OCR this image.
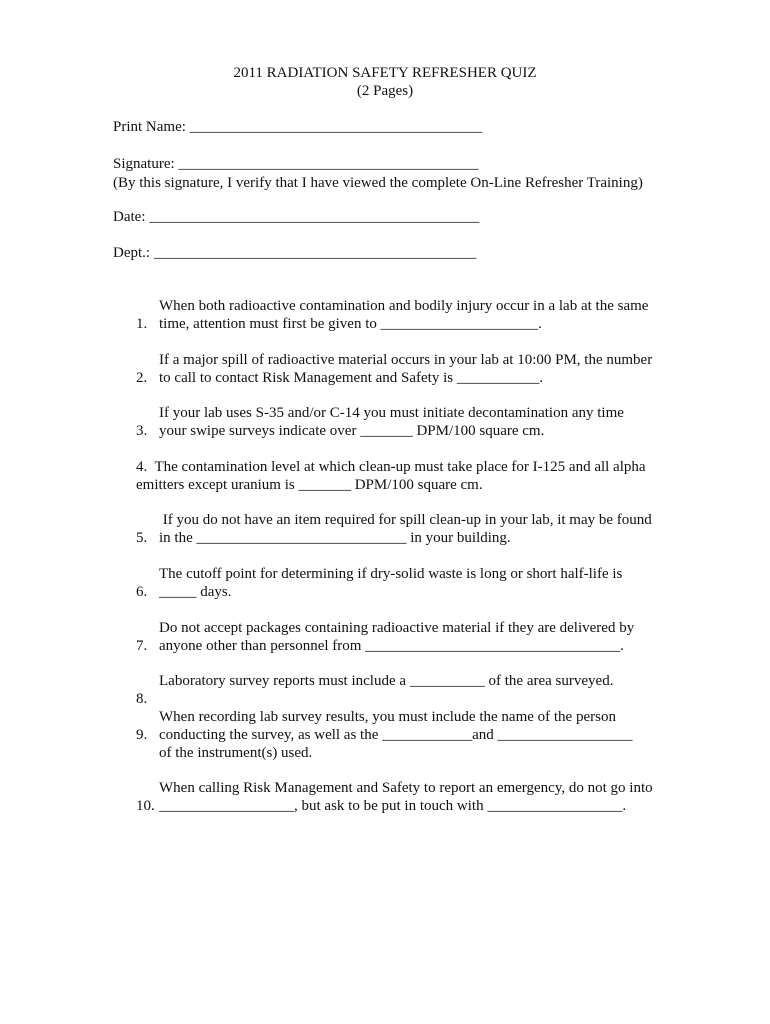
2011 RADIATION SAFETY REFRESHER QUIZ
(2 Pages)
Print Name: _______________________________________
Signature: ________________________________________
(By this signature, I verify that I have viewed the complete On-Line Refresher Training)
Date: ____________________________________________
Dept.: ___________________________________________

1.

When both radioactive contamination and bodily injury occur in a lab at the same

time, attention must first be given to _____________________.

2.

If a major spill of radioactive material occurs in your lab at 10:00 PM, the number

to call to contact Risk Management and Safety is ___________.

3.

If your lab uses S-35 and/or C-14 you must initiate decontamination any time

your swipe surveys indicate over _______ DPM/100 square cm.

4.  The contamination level at which clean-up must take place for I-125 and all alpha

emitters except uranium is _______ DPM/100 square cm.

5.

If you do not have an item required for spill clean-up in your lab, it may be found

in the ____________________________ in your building.

6.

The cutoff point for determining if dry-solid waste is long or short half-life is

_____ days.

7.

Do not accept packages containing radioactive material if they are delivered by

anyone other than personnel from __________________________________.

8.

Laboratory survey reports must include a __________ of the area surveyed.

9.

When recording lab survey results, you must include the name of the person

conducting the survey, as well as the ____________and __________________

of the instrument(s) used.

10.

When calling Risk Management and Safety to report an emergency, do not go into

__________________, but ask to be put in touch with __________________.
